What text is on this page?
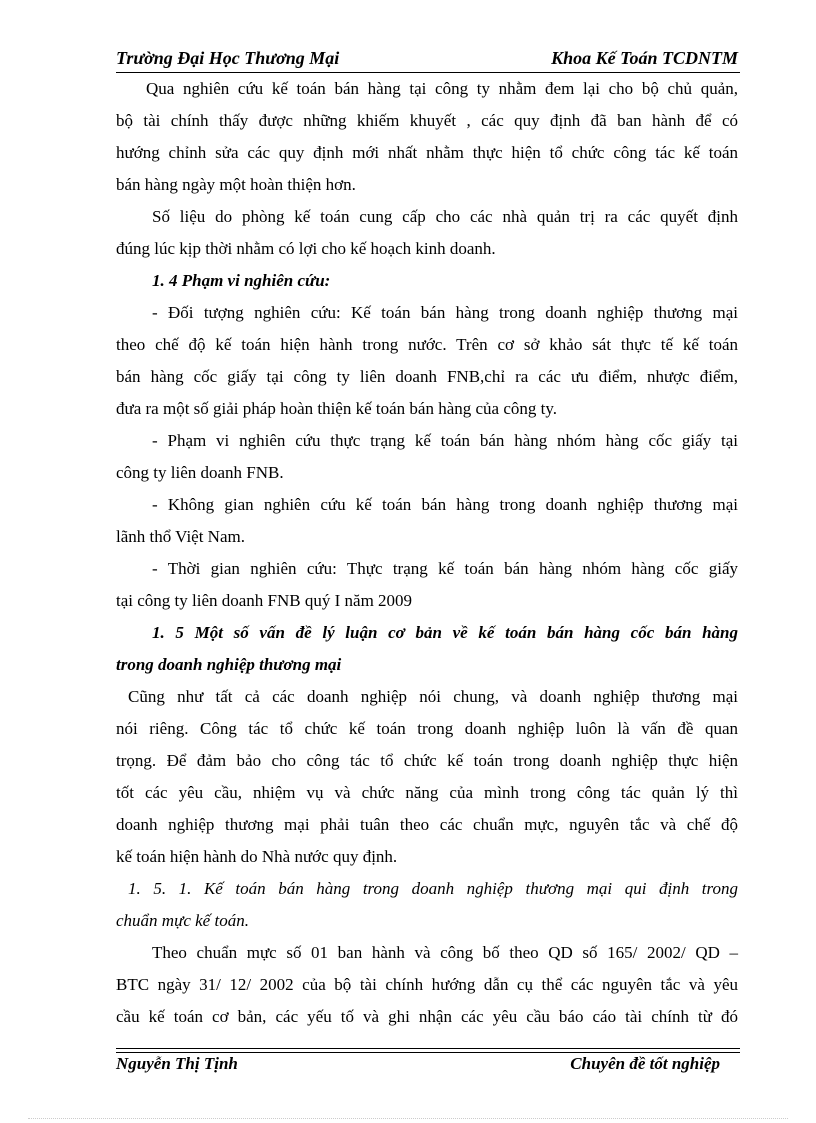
Trường Đại Học Thương Mại	Khoa Kế Toán TCDNTM
Qua nghiên cứu kế toán bán hàng tại công ty nhằm đem lại cho bộ chủ quản,
bộ tài chính thấy được những khiếm khuyết , các quy định đã ban hành để có
hướng chỉnh sửa các quy định mới nhất nhằm thực hiện tổ chức công tác kế toán
bán hàng ngày một hoàn thiện hơn.
Số liệu do phòng kế toán cung cấp cho các nhà quản trị ra các quyết định
đúng lúc kịp thời nhằm có lợi cho kế hoạch kinh doanh.
1. 4 Phạm vi nghiên cứu:
- Đối tượng nghiên cứu: Kế toán bán hàng trong doanh nghiệp thương mại
theo chế độ kế toán hiện hành trong nước. Trên cơ sở khảo sát thực tế kế toán
bán hàng cốc giấy tại công ty liên doanh FNB,chỉ ra các ưu điểm, nhược điểm,
đưa ra một số giải pháp hoàn thiện kế toán bán hàng của công ty.
- Phạm vi nghiên cứu thực trạng kế toán bán hàng nhóm hàng cốc giấy tại
công ty liên doanh FNB.
- Không gian nghiên cứu kế toán bán hàng trong doanh nghiệp thương mại
lãnh thổ Việt Nam.
- Thời gian nghiên cứu: Thực trạng kế toán bán hàng nhóm hàng cốc giấy
tại công ty liên doanh FNB quý I năm 2009
1. 5 Một số vấn đề lý luận cơ bản về kế toán bán hàng cốc bán hàng
trong doanh nghiệp thương mại
Cũng như tất cả các doanh nghiệp nói chung, và doanh nghiệp thương mại
nói riêng. Công tác tổ chức kế toán trong doanh nghiệp luôn là vấn đề quan
trọng. Để đảm bảo cho công tác tổ chức kế toán trong doanh nghiệp thực hiện
tốt các yêu cầu, nhiệm vụ và chức năng của mình trong công tác quản lý thì
doanh nghiệp thương mại phải tuân theo các chuẩn mực, nguyên tắc và chế độ
kế toán hiện hành do Nhà nước quy định.
1. 5. 1. Kế toán bán hàng trong doanh nghiệp thương mại qui định trong
chuẩn mực kế toán.
Theo chuẩn mực số 01 ban hành và công bố theo QD số 165/ 2002/ QD –
BTC ngày 31/ 12/ 2002 của bộ tài chính hướng dẫn cụ thể các nguyên tắc và yêu
cầu kế toán cơ bản, các yếu tố và ghi nhận các yêu cầu báo cáo tài chính từ đó
Nguyễn Thị Tịnh	Chuyên đề tốt nghiệp
